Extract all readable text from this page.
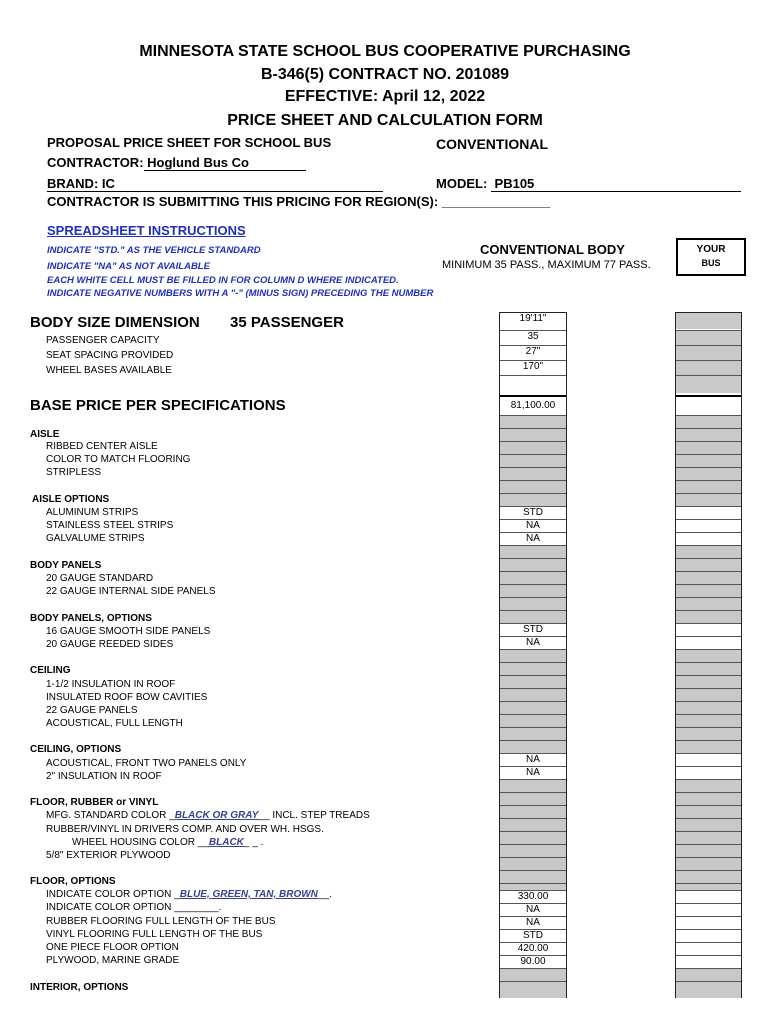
MINNESOTA STATE SCHOOL BUS COOPERATIVE PURCHASING
B-346(5) CONTRACT NO. 201089
EFFECTIVE: April 12, 2022
PRICE SHEET AND CALCULATION FORM
PROPOSAL PRICE SHEET FOR SCHOOL BUS	CONVENTIONAL
CONTRACTOR: Hoglund Bus Co
BRAND: IC	MODEL: PB105
CONTRACTOR IS SUBMITTING THIS PRICING FOR REGION(S): _______________
SPREADSHEET INSTRUCTIONS
INDICATE "STD." AS THE VEHICLE STANDARD
INDICATE "NA" AS NOT AVAILABLE
EACH WHITE CELL MUST BE FILLED IN FOR COLUMN D WHERE INDICATED.
INDICATE NEGATIVE NUMBERS WITH A "-" (MINUS SIGN) PRECEDING THE NUMBER
CONVENTIONAL BODY
MINIMUM 35 PASS., MAXIMUM 77 PASS.
YOUR
BUS
BODY SIZE DIMENSION 35 PASSENGER
PASSENGER CAPACITY
SEAT SPACING PROVIDED
WHEEL BASES AVAILABLE
BASE PRICE PER SPECIFICATIONS
AISLE
RIBBED CENTER AISLE
COLOR TO MATCH FLOORING
STRIPLESS
AISLE OPTIONS
ALUMINUM STRIPS
STAINLESS STEEL STRIPS
GALVALUME STRIPS
BODY PANELS
20 GAUGE STANDARD
22 GAUGE INTERNAL SIDE PANELS
BODY PANELS, OPTIONS
16 GAUGE SMOOTH SIDE PANELS
20 GAUGE REEDED SIDES
CEILING
1-1/2 INSULATION IN ROOF
INSULATED ROOF BOW CAVITIES
22 GAUGE PANELS
ACOUSTICAL, FULL LENGTH
CEILING, OPTIONS
ACOUSTICAL, FRONT TWO PANELS ONLY
2" INSULATION IN ROOF
FLOOR, RUBBER or VINYL
MFG. STANDARD COLOR _BLACK OR GRAY__ INCL. STEP TREADS
RUBBER/VINYL IN DRIVERS COMP. AND OVER WH. HSGS.
WHEEL HOUSING COLOR __BLACK_ _ .
5/8" EXTERIOR PLYWOOD
FLOOR, OPTIONS
INDICATE COLOR OPTION _BLUE, GREEN, TAN, BROWN__.
INDICATE COLOR OPTION ________.
RUBBER FLOORING FULL LENGTH OF THE BUS
VINYL FLOORING FULL LENGTH OF THE BUS
ONE PIECE FLOOR OPTION
PLYWOOD, MARINE GRADE
INTERIOR, OPTIONS
19'11"
35
27"
170"
81,100.00
STD
NA
NA
STD
NA
NA
NA
330.00
NA
NA
STD
420.00
90.00
